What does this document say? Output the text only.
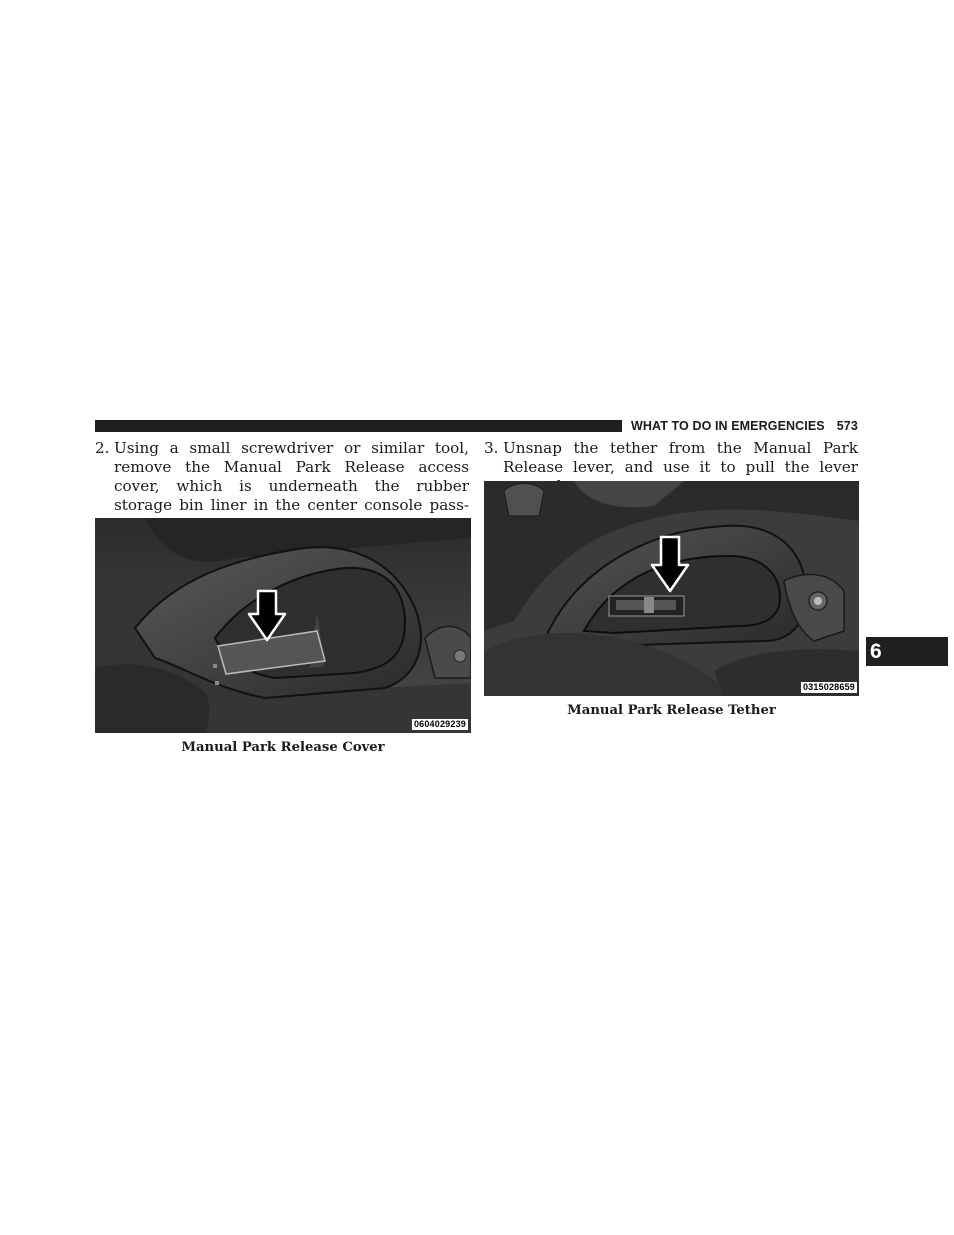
WHAT TO DO IN EMERGENCIES 573
2. Using a small screwdriver or similar tool, remove the Manual Park Release access cover, which is underneath the rubber storage bin liner in the center console pass-
3. Unsnap the tether from the Manual Park Release lever, and use it to pull the lever
0604029239
Manual Park Release Cover
0315028659
Manual Park Release Tether
6
